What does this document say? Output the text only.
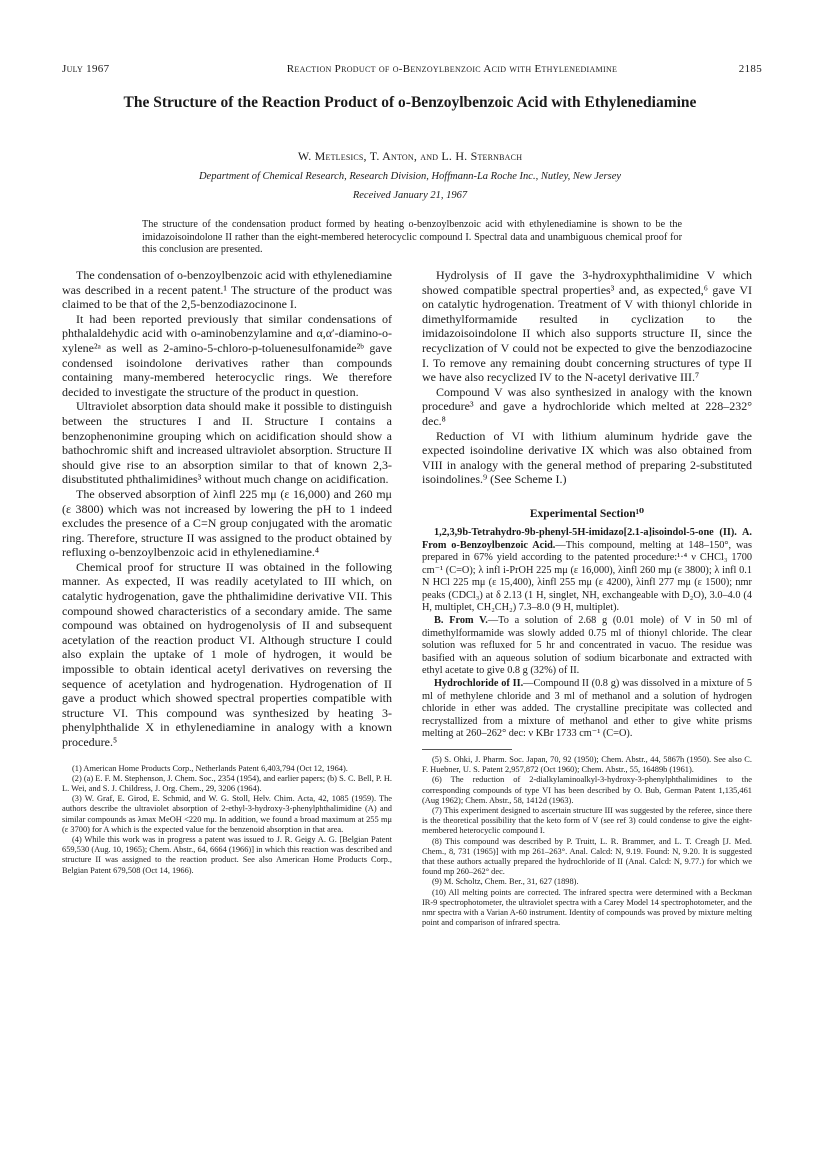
July 1967	Reaction Product of o-Benzoylbenzoic Acid with Ethylenediamine	2185
The Structure of the Reaction Product of o-Benzoylbenzoic Acid with Ethylenediamine
W. Metlesics, T. Anton, and L. H. Sternbach
Department of Chemical Research, Research Division, Hoffmann-La Roche Inc., Nutley, New Jersey
Received January 21, 1967
The structure of the condensation product formed by heating o-benzoylbenzoic acid with ethylenediamine is shown to be the imidazoisoindolone II rather than the eight-membered heterocyclic compound I. Spectral data and unambiguous chemical proof for this conclusion are presented.

The condensation of o-benzoylbenzoic acid with ethylenediamine was described in a recent patent.¹ The structure of the product was claimed to be that of the 2,5-benzodiazocinone I.

It had been reported previously that similar condensations of phthalaldehydic acid with o-aminobenzylamine and α,α′-diamino-o-xylene²ᵃ as well as 2-amino-5-chloro-p-toluenesulfonamide²ᵇ gave condensed isoindolone derivatives rather than compounds containing many-membered heterocyclic rings. We therefore decided to investigate the structure of the product in question.

Ultraviolet absorption data should make it possible to distinguish between the structures I and II. Structure I contains a benzophenonimine grouping which on acidification should show a bathochromic shift and increased ultraviolet absorption. Structure II should give rise to an absorption similar to that of known 2,3-disubstituted phthalimidines³ without much change on acidification.

The observed absorption of λinfl 225 mμ (ε 16,000) and 260 mμ (ε 3800) which was not increased by lowering the pH to 1 indeed excludes the presence of a C=N group conjugated with the aromatic ring. Therefore, structure II was assigned to the product obtained by refluxing o-benzoylbenzoic acid in ethylenediamine.⁴

Chemical proof for structure II was obtained in the following manner. As expected, II was readily acetylated to III which, on catalytic hydrogenation, gave the phthalimidine derivative VII. This compound showed characteristics of a secondary amide. The same compound was obtained on hydrogenolysis of II and subsequent acetylation of the reaction product VI. Although structure I could also explain the uptake of 1 mole of hydrogen, it would be impossible to obtain identical acetyl derivatives on reversing the sequence of acetylation and hydrogenation. Hydrogenation of II gave a product which showed spectral properties compatible with structure VI. This compound was synthesized by heating 3-phenylphthalide X in ethylenediamine in analogy with a known procedure.⁵

(1) American Home Products Corp., Netherlands Patent 6,403,794 (Oct 12, 1964).

(2) (a) E. F. M. Stephenson, J. Chem. Soc., 2354 (1954), and earlier papers; (b) S. C. Bell, P. H. L. Wei, and S. J. Childress, J. Org. Chem., 29, 3206 (1964).

(3) W. Graf, E. Girod, E. Schmid, and W. G. Stoll, Helv. Chim. Acta, 42, 1085 (1959). The authors describe the ultraviolet absorption of 2-ethyl-3-hydroxy-3-phenylphthalimidine (A) and similar compounds as λmax MeOH <220 mμ. In addition, we found a broad maximum at 255 mμ (ε 3700) for A which is the expected value for the benzenoid absorption in that area.

(4) While this work was in progress a patent was issued to J. R. Geigy A. G. [Belgian Patent 659,530 (Aug. 10, 1965); Chem. Abstr., 64, 6664 (1966)] in which this reaction was described and structure II was assigned to the reaction product. See also American Home Products Corp., Belgian Patent 679,508 (Oct 14, 1966).

Hydrolysis of II gave the 3-hydroxyphthalimidine V which showed compatible spectral properties³ and, as expected,⁶ gave VI on catalytic hydrogenation. Treatment of V with thionyl chloride in dimethylformamide resulted in cyclization to the imidazoisoindolone II which also supports structure II, since the recyclization of V could not be expected to give the benzodiazocine I. To remove any remaining doubt concerning structures of type II we have also recyclized IV to the N-acetyl derivative III.⁷

Compound V was also synthesized in analogy with the known procedure³ and gave a hydrochloride which melted at 228–232° dec.⁸

Reduction of VI with lithium aluminum hydride gave the expected isoindoline derivative IX which was also obtained from VIII in analogy with the general method of preparing 2-substituted isoindolines.⁹ (See Scheme I.)

Experimental Section¹⁰

1,2,3,9b-Tetrahydro-9b-phenyl-5H-imidazo[2.1-a]isoindol-5-one (II). A. From o-Benzoylbenzoic Acid.—This compound, melting at 148–150°, was prepared in 67% yield according to the patented procedure:¹·⁴ ν CHCl₃ 1700 cm⁻¹ (C=O); λ infl i-PrOH 225 mμ (ε 16,000), λinfl 260 mμ (ε 3800); λ infl 0.1 N HCl 225 mμ (ε 15,400), λinfl 255 mμ (ε 4200), λinfl 277 mμ (ε 1500); nmr peaks (CDCl₃) at δ 2.13 (1 H, singlet, NH, exchangeable with D₂O), 3.0–4.0 (4 H, multiplet, CH₂CH₂) 7.3–8.0 (9 H, multiplet).

B. From V.—To a solution of 2.68 g (0.01 mole) of V in 50 ml of dimethylformamide was slowly added 0.75 ml of thionyl chloride. The clear solution was refluxed for 5 hr and concentrated in vacuo. The residue was basified with an aqueous solution of sodium bicarbonate and extracted with ethyl acetate to give 0.8 g (32%) of II.

Hydrochloride of II.—Compound II (0.8 g) was dissolved in a mixture of 5 ml of methylene chloride and 3 ml of methanol and a solution of hydrogen chloride in ether was added. The crystalline precipitate was collected and recrystallized from a mixture of methanol and ether to give white prisms melting at 260–262° dec: ν KBr 1733 cm⁻¹ (C=O).

(5) S. Ohki, J. Pharm. Soc. Japan, 70, 92 (1950); Chem. Abstr., 44, 5867h (1950). See also C. F. Huebner, U. S. Patent 2,957,872 (Oct 1960); Chem. Abstr., 55, 16489b (1961).

(6) The reduction of 2-dialkylaminoalkyl-3-hydroxy-3-phenylphthalimidines to the corresponding compounds of type VI has been described by O. Bub, German Patent 1,135,461 (Aug 1962); Chem. Abstr., 58, 1412d (1963).

(7) This experiment designed to ascertain structure III was suggested by the referee, since there is the theoretical possibility that the keto form of V (see ref 3) could condense to give the eight-membered heterocyclic compound I.

(8) This compound was described by P. Truitt, L. R. Brammer, and L. T. Creagh [J. Med. Chem., 8, 731 (1965)] with mp 261–263°. Anal. Calcd: N, 9.19. Found: N, 9.20. It is suggested that these authors actually prepared the hydrochloride of II (Anal. Calcd: N, 9.77.) for which we found mp 260–262° dec.

(9) M. Scholtz, Chem. Ber., 31, 627 (1898).

(10) All melting points are corrected. The infrared spectra were determined with a Beckman IR-9 spectrophotometer, the ultraviolet spectra with a Carey Model 14 spectrophotometer, and the nmr spectra with a Varian A-60 instrument. Identity of compounds was proved by mixture melting point and comparison of infrared spectra.
